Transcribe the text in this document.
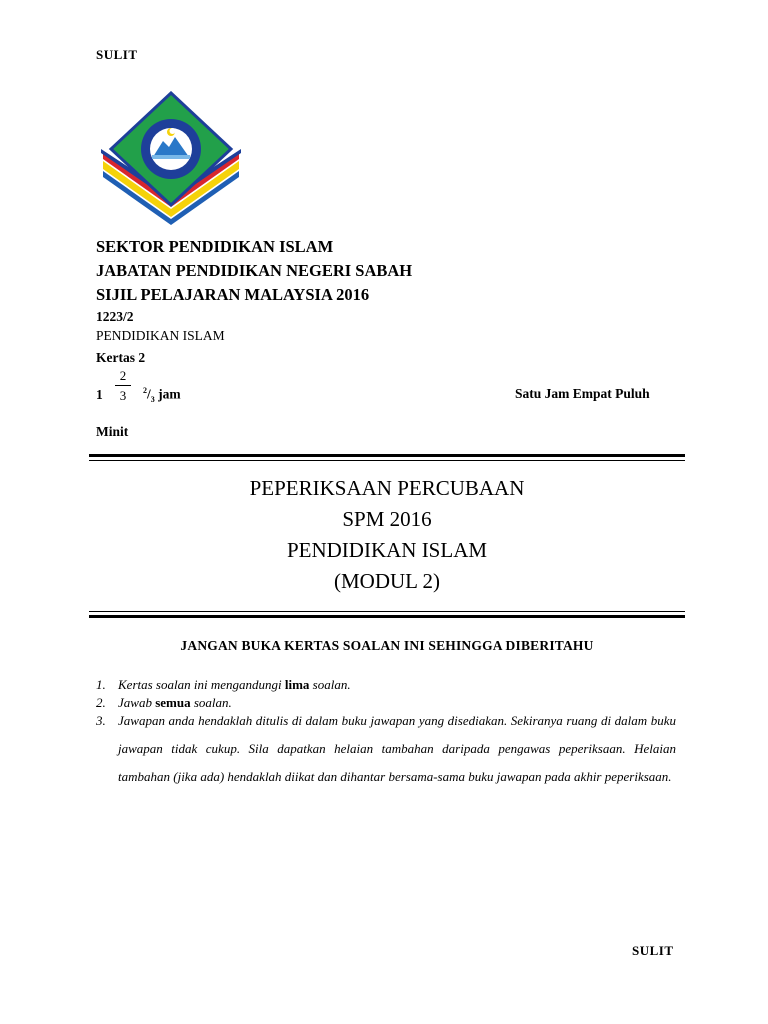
SULIT
SEKTOR PENDIDIKAN ISLAM
JABATAN PENDIDIKAN NEGERI SABAH
SIJIL PELAJARAN MALAYSIA 2016
1223/2
PENDIDIKAN ISLAM
Kertas 2
1
2
3	$^2/_3$ jam	Satu Jam Empat Puluh
Minit
PEPERIKSAAN PERCUBAAN
SPM 2016
PENDIDIKAN ISLAM
(MODUL 2)
JANGAN BUKA KERTAS SOALAN INI SEHINGGA DIBERITAHU
1. Kertas soalan ini mengandungi lima soalan.
2. Jawab semua soalan.
3. Jawapan anda hendaklah ditulis di dalam buku jawapan yang disediakan. Sekiranya ruang di dalam buku jawapan tidak cukup. Sila dapatkan helaian tambahan daripada pengawas peperiksaan. Helaian tambahan (jika ada) hendaklah diikat dan dihantar bersama-sama buku jawapan pada akhir peperiksaan.
SULIT
